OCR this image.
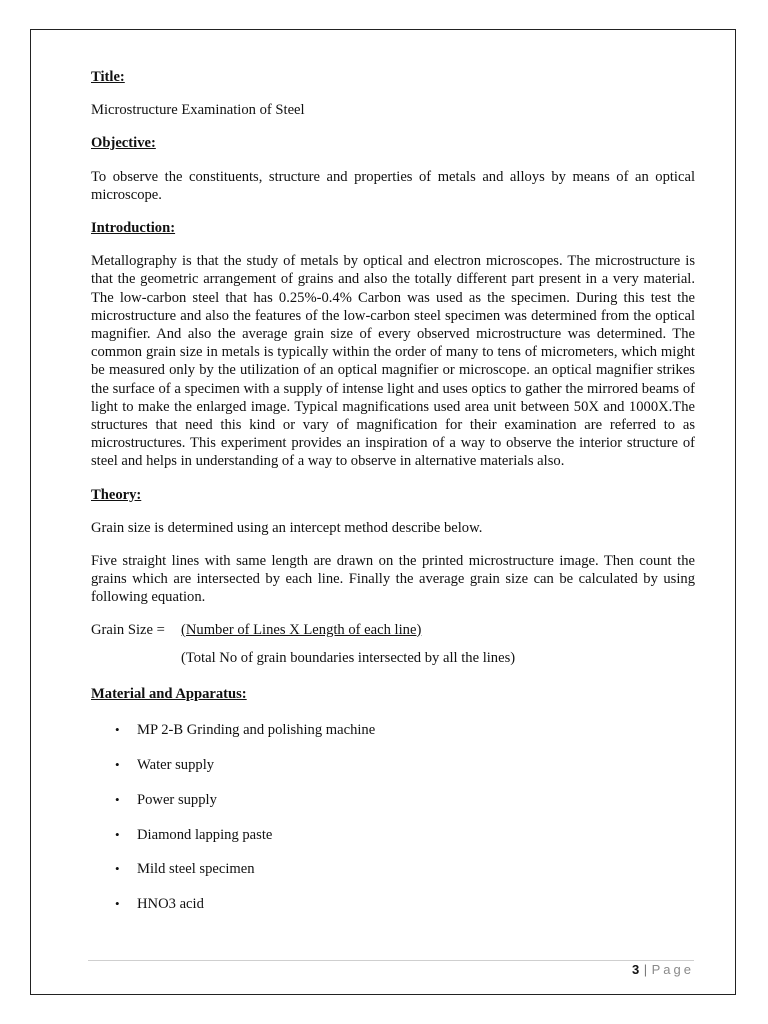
Title:

Microstructure Examination of Steel

Objective:

To observe the constituents, structure and properties of metals and alloys by means of an optical microscope.

Introduction:

Metallography is that the study of metals by optical and electron microscopes. The microstructure is that the geometric arrangement of grains and also the totally different part present in a very material. The low-carbon steel that has 0.25%-0.4% Carbon was used as the specimen. During this test the microstructure and also the features of the low-carbon steel specimen was determined from the optical magnifier. And also the average grain size of every observed microstructure was determined. The common grain size in metals is typically within the order of many to tens of micrometers, which might be measured only by the utilization of an optical magnifier or microscope. an optical magnifier strikes the surface of a specimen with a supply of intense light and uses optics to gather the mirrored beams of light to make the enlarged image. Typical magnifications used area unit between 50X and 1000X.The structures that need this kind or vary of magnification for their examination are referred to as microstructures. This experiment provides an inspiration of a way to observe the interior structure of steel and helps in understanding of a way to observe in alternative materials also.

Theory:

Grain size is determined using an intercept method describe below.

Five straight lines with same length are drawn on the printed microstructure image. Then count the grains which are intersected by each line. Finally the average grain size can be calculated by using following equation.

Grain Size =	(Number of Lines X Length of each line)

(Total No of grain boundaries intersected by all the lines)

Material and Apparatus:

• MP 2-B Grinding and polishing machine
• Water supply
• Power supply
• Diamond lapping paste
• Mild steel specimen
• HNO3 acid
3 | Page
